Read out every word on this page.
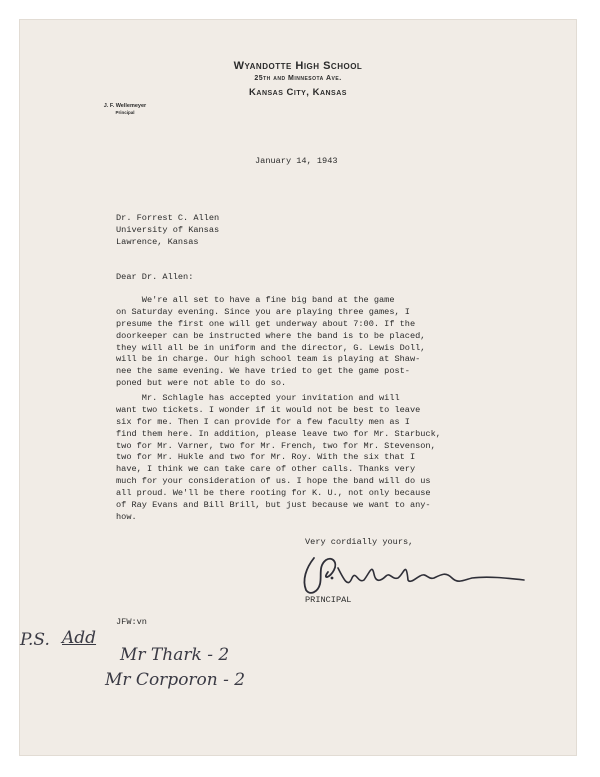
Wyandotte High School
25th and Minnesota Ave.
Kansas City, Kansas
J. F. Wellemeyer
Principal
January 14, 1943
Dr. Forrest C. Allen
University of Kansas
Lawrence, Kansas
Dear Dr. Allen:
We're all set to have a fine big band at the game
on Saturday evening. Since you are playing three games, I
presume the first one will get underway about 7:00. If the
doorkeeper can be instructed where the band is to be placed,
they will all be in uniform and the director, G. Lewis Doll,
will be in charge. Our high school team is playing at Shaw-
nee the same evening. We have tried to get the game post-
poned but were not able to do so.
Mr. Schlagle has accepted your invitation and will
want two tickets. I wonder if it would not be best to leave
six for me. Then I can provide for a few faculty men as I
find them here. In addition, please leave two for Mr. Starbuck,
two for Mr. Varner, two for Mr. French, two for Mr. Stevenson,
two for Mr. Hukle and two for Mr. Roy. With the six that I
have, I think we can take care of other calls. Thanks very
much for your consideration of us. I hope the band will do us
all proud. We'll be there rooting for K. U., not only because
of Ray Evans and Bill Brill, but just because we want to any-
how.
Very cordially yours,
PRINCIPAL
JFW:vn
P.S. Add
Mr Thark - 2
Mr Corporon - 2
